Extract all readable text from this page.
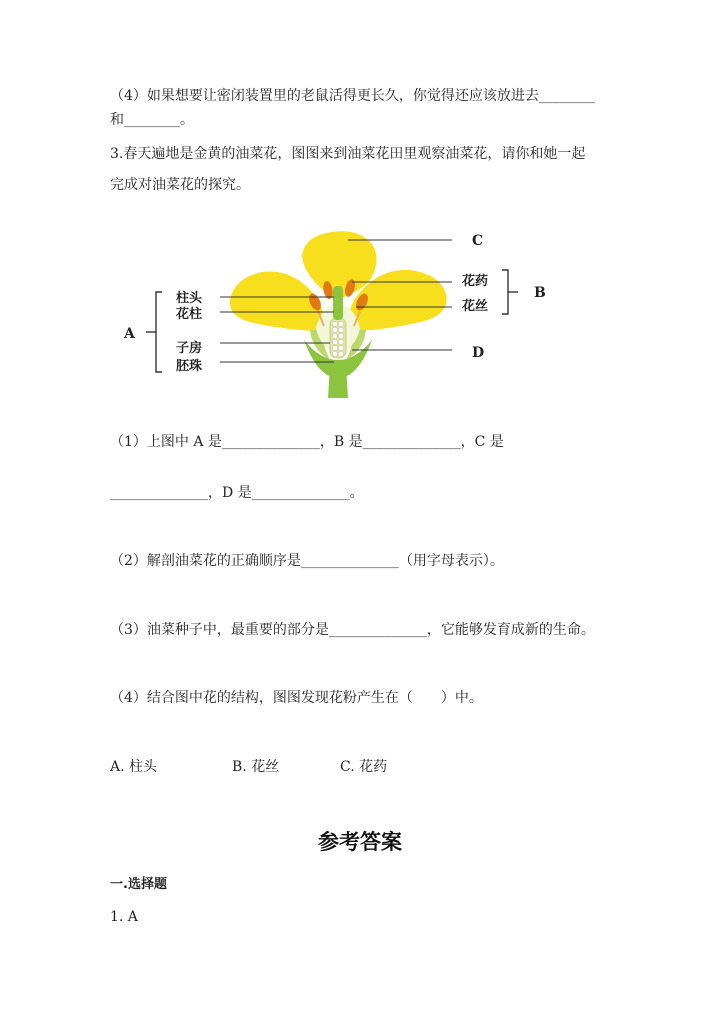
（4）如果想要让密闭装置里的老鼠活得更长久，你觉得还应该放进去________
和________。
3.春天遍地是金黄的油菜花，图图来到油菜花田里观察油菜花，请你和她一起
完成对油菜花的探究。
A
柱头
花柱
子房
胚珠
C
花药
花丝
B
D
（1）上图中 A 是______________，B 是______________，C 是
______________，D 是______________。
（2）解剖油菜花的正确顺序是______________（用字母表示）。
（3）油菜种子中，最重要的部分是______________，它能够发育成新的生命。
（4）结合图中花的结构，图图发现花粉产生在（　　）中。
A. 柱头	B. 花丝	C. 花药
参考答案
一.选择题
1. A
